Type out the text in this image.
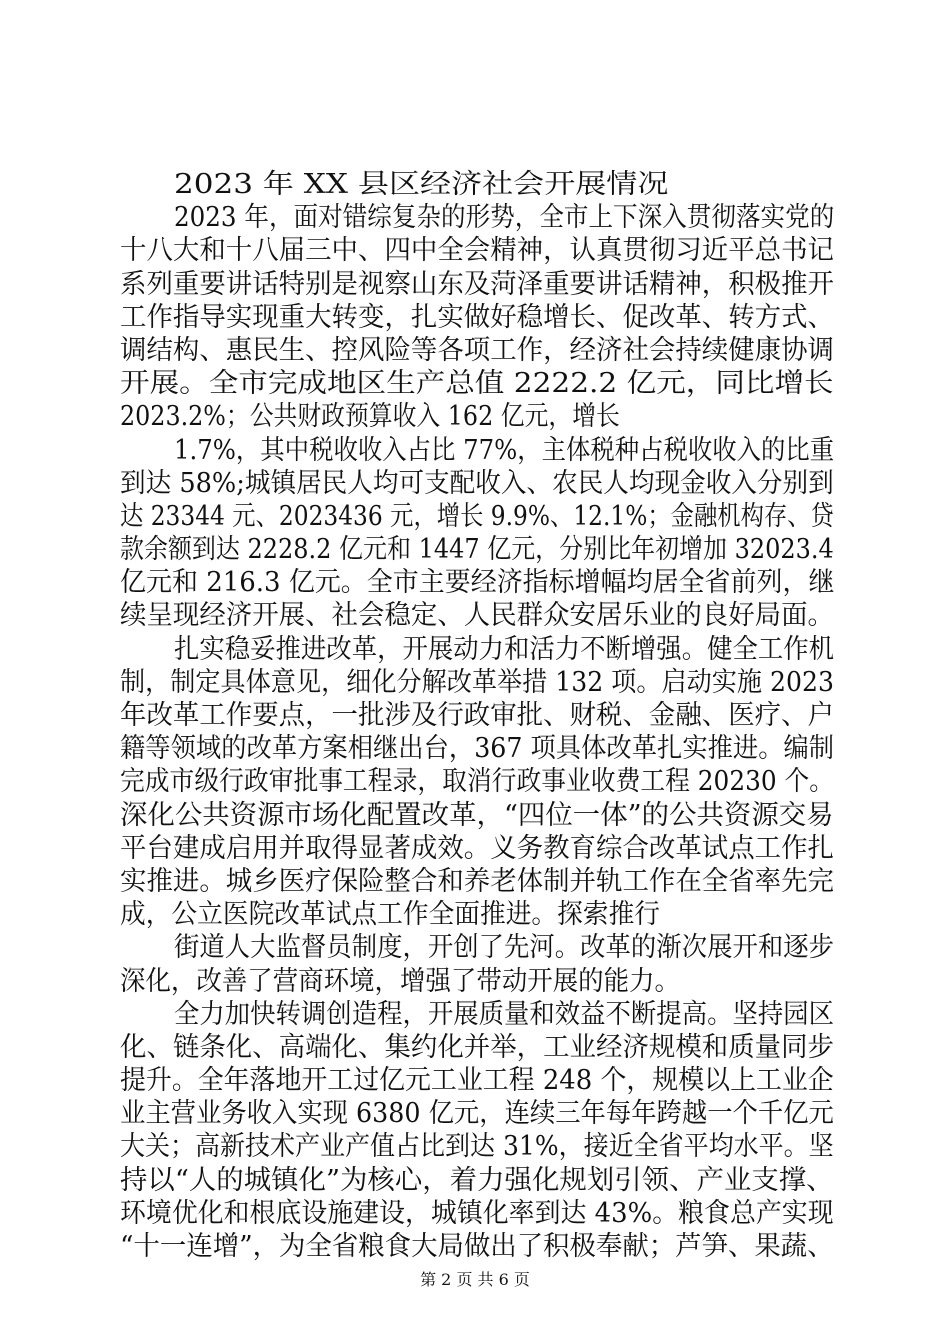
2023 年 XX 县区经济社会开展情况
2023 年，面对错综复杂的形势，全市上下深入贯彻落实党的
十八大和十八届三中、四中全会精神，认真贯彻习近平总书记
系列重要讲话特别是视察山东及菏泽重要讲话精神，积极推开
工作指导实现重大转变，扎实做好稳增长、促改革、转方式、
调结构、惠民生、控风险等各项工作，经济社会持续健康协调
开展。全市完成地区生产总值 2222.2 亿元，同比增长
2023.2%；公共财政预算收入 162 亿元，增长
1.7%，其中税收收入占比 77%，主体税种占税收收入的比重
到达 58%;城镇居民人均可支配收入、农民人均现金收入分别到
达 23344 元、2023436 元，增长 9.9%、12.1%；金融机构存、贷
款余额到达 2228.2 亿元和 1447 亿元，分别比年初增加 32023.4
亿元和 216.3 亿元。全市主要经济指标增幅均居全省前列，继
续呈现经济开展、社会稳定、人民群众安居乐业的良好局面。
扎实稳妥推进改革，开展动力和活力不断增强。健全工作机
制，制定具体意见，细化分解改革举措 132 项。启动实施 2023
年改革工作要点，一批涉及行政审批、财税、金融、医疗、户
籍等领域的改革方案相继出台，367 项具体改革扎实推进。编制
完成市级行政审批事工程录，取消行政事业收费工程 20230 个。
深化公共资源市场化配置改革，“四位一体”的公共资源交易
平台建成启用并取得显著成效。义务教育综合改革试点工作扎
实推进。城乡医疗保险整合和养老体制并轨工作在全省率先完
成，公立医院改革试点工作全面推进。探索推行
街道人大监督员制度，开创了先河。改革的渐次展开和逐步
深化，改善了营商环境，增强了带动开展的能力。
全力加快转调创造程，开展质量和效益不断提高。坚持园区
化、链条化、高端化、集约化并举，工业经济规模和质量同步
提升。全年落地开工过亿元工业工程 248 个，规模以上工业企
业主营业务收入实现 6380 亿元，连续三年每年跨越一个千亿元
大关；高新技术产业产值占比到达 31%，接近全省平均水平。坚
持以“人的城镇化”为核心，着力强化规划引领、产业支撑、
环境优化和根底设施建设，城镇化率到达 43%。粮食总产实现
“十一连增”，为全省粮食大局做出了积极奉献；芦笋、果蔬、
第 2 页 共 6 页
